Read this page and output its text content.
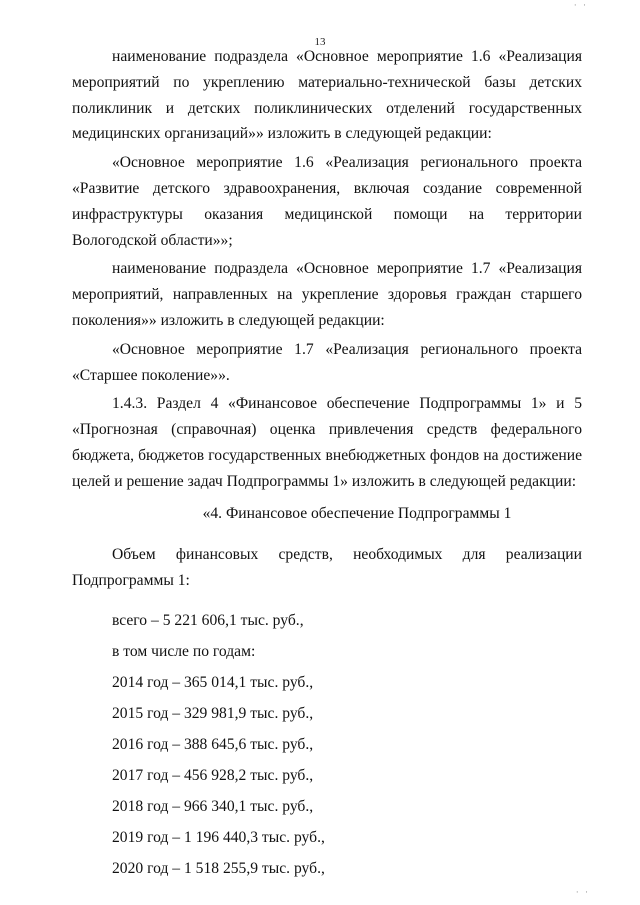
· ·
13

наименование подраздела «Основное мероприятие 1.6 «Реализация мероприятий по укреплению материально-технической базы детских поликлиник и детских поликлинических отделений государственных медицинских организаций»» изложить в следующей редакции:

«Основное мероприятие 1.6 «Реализация регионального проекта «Развитие детского здравоохранения, включая создание современной инфраструктуры оказания медицинской помощи на территории Вологодской области»»;

наименование подраздела «Основное мероприятие 1.7 «Реализация мероприятий, направленных на укрепление здоровья граждан старшего поколения»» изложить в следующей редакции:

«Основное мероприятие 1.7 «Реализация регионального проекта «Старшее поколение»».

1.4.3. Раздел 4 «Финансовое обеспечение Подпрограммы 1» и 5 «Прогнозная (справочная) оценка привлечения средств федерального бюджета, бюджетов государственных внебюджетных фондов на достижение целей и решение задач Подпрограммы 1» изложить в следующей редакции:

«4. Финансовое обеспечение Подпрограммы 1

Объем финансовых средств, необходимых для реализации Подпрограммы 1:

всего – 5 221 606,1 тыс. руб.,
в том числе по годам:
2014 год – 365 014,1 тыс. руб.,
2015 год – 329 981,9 тыс. руб.,
2016 год – 388 645,6 тыс. руб.,
2017 год – 456 928,2 тыс. руб.,
2018 год – 966 340,1 тыс. руб.,
2019 год – 1 196 440,3 тыс. руб.,
2020 год – 1 518 255,9 тыс. руб.,
· ·
